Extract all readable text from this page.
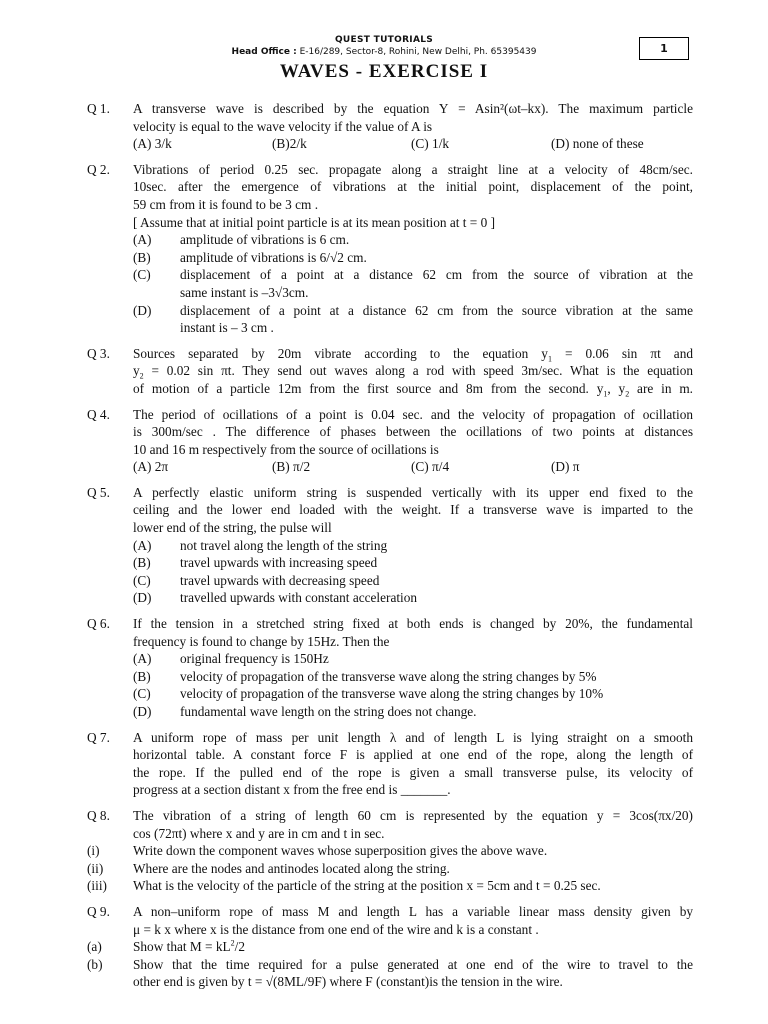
QUEST TUTORIALS
Head Office : E-16/289, Sector-8, Rohini, New Delhi, Ph. 65395439	1
WAVES - EXERCISE I
Q 1. A transverse wave is described by the equation Y = Asin²(ωt–kx). The maximum particle
velocity is equal to the wave velocity if the value of A is
(A) 3/k	(B)2/k	(C) 1/k	(D) none of these
Q 2. Vibrations of period 0.25 sec. propagate along a straight line at a velocity of 48cm/sec.
10sec. after the emergence of vibrations at the initial point, displacement of the point,
59 cm from it is found to be 3 cm .
[ Assume that at initial point particle is at its mean position at t = 0 ]
(A) amplitude of vibrations is 6 cm.
(B) amplitude of vibrations is 6/√2 cm.
(C) displacement of a point at a distance 62 cm from the source of vibration at the
same instant is –3√3cm.
(D) displacement of a point at a distance 62 cm from the source vibration at the same
instant is – 3 cm .
Q 3. Sources separated by 20m vibrate according to the equation $y_1 = 0.06$ sin πt and
$y_2 = 0.02$ sin πt. They send out waves along a rod with speed 3m/sec. What is the equation
of motion of a particle 12m from the first source and 8m from the second. $y_1$, $y_2$ are in m.
Q 4. The period of ocillations of a point is 0.04 sec. and the velocity of propagation of ocillation
is 300m/sec . The difference of phases between the ocillations of two points at distances
10 and 16 m respectively from the source of ocillations is
(A) 2π	(B) π/2	(C) π/4	(D) π
Q 5. A perfectly elastic uniform string is suspended vertically with its upper end fixed to the
ceiling and the lower end loaded with the weight. If a transverse wave is imparted to the
lower end of the string, the pulse will
(A) not travel along the length of the string
(B) travel upwards with increasing speed
(C) travel upwards with decreasing speed
(D) travelled upwards with constant acceleration
Q 6. If the tension in a stretched string fixed at both ends is changed by 20%, the fundamental
frequency is found to change by 15Hz. Then the
(A) original frequency is 150Hz
(B) velocity of propagation of the transverse wave along the string changes by 5%
(C) velocity of propagation of the transverse wave along the string changes by 10%
(D) fundamental wave length on the string does not change.
Q 7. A uniform rope of mass per unit length λ and of length L is lying straight on a smooth
horizontal table. A constant force F is applied at one end of the rope, along the length of
the rope. If the pulled end of the rope is given a small transverse pulse, its velocity of
progress at a section distant x from the free end is _______.
Q 8. The vibration of a string of length 60 cm is represented by the equation y = 3cos(πx/20)
cos (72πt) where x and y are in cm and t in sec.
(i)	Write down the component waves whose superposition gives the above wave.
(ii) Where are the nodes and antinodes located along the string.
(iii) What is the velocity of the particle of the string at the position x = 5cm and t = 0.25 sec.
Q 9. A non–uniform rope of mass M and length L has a variable linear mass density given by
μ = k x where x is the distance from one end of the wire and k is a constant .
(a) Show that $M = kL^2/2$
(b) Show that the time required for a pulse generated at one end of the wire to travel to the
other end is given by t = √(8ML/9F) where F (constant)is the tension in the wire.
